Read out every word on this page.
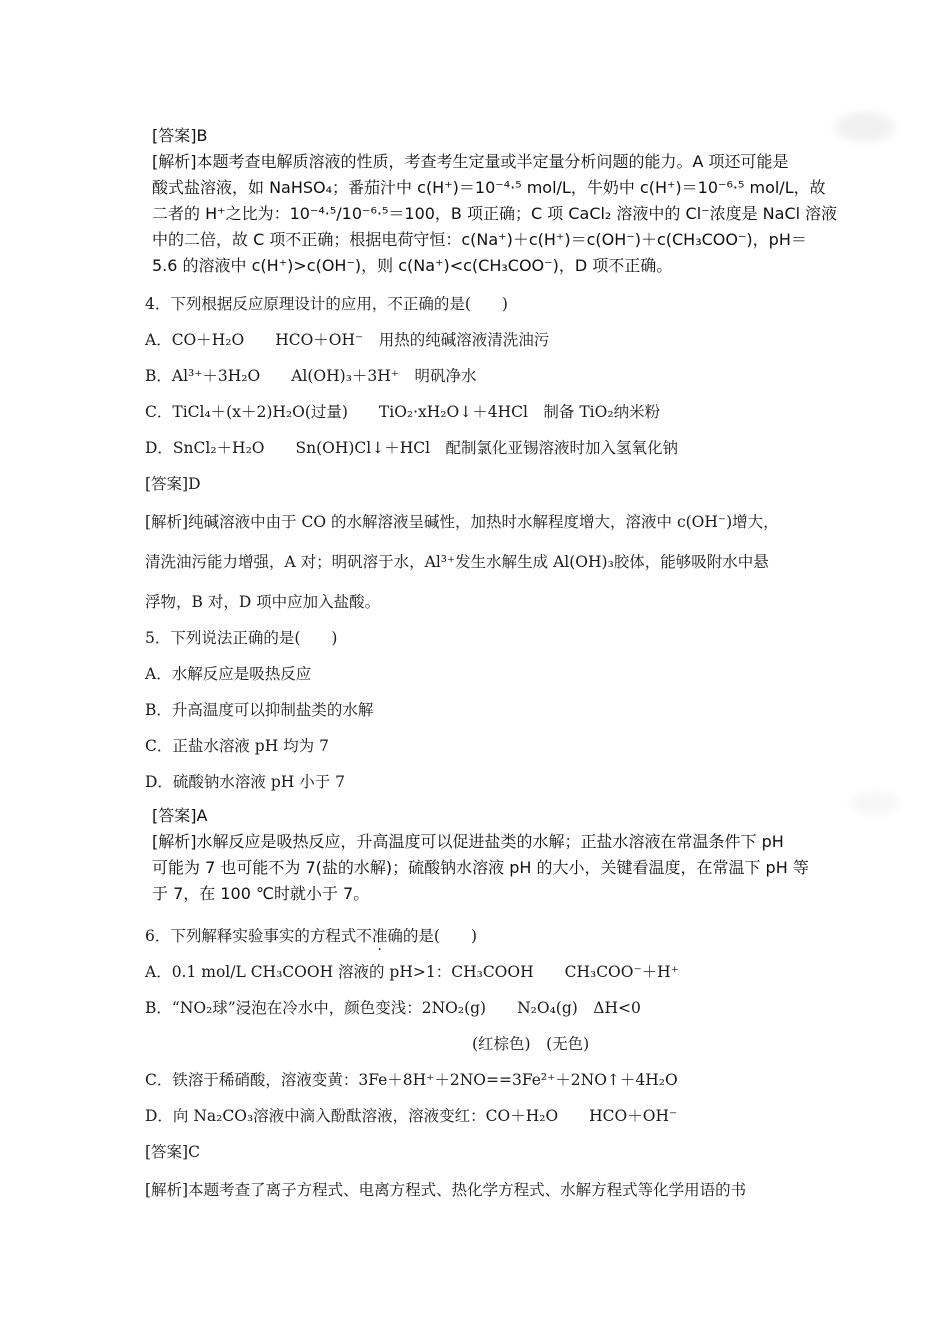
[答案]B
[解析]本题考查电解质溶液的性质，考查考生定量或半定量分析问题的能力。A 项还可能是
酸式盐溶液，如 NaHSO₄；番茄汁中 c(H⁺)＝10⁻⁴·⁵ mol/L，牛奶中 c(H⁺)＝10⁻⁶·⁵ mol/L，故
二者的 H⁺之比为：10⁻⁴·⁵/10⁻⁶·⁵＝100，B 项正确；C 项 CaCl₂ 溶液中的 Cl⁻浓度是 NaCl 溶液
中的二倍，故 C 项不正确；根据电荷守恒：c(Na⁺)＋c(H⁺)＝c(OH⁻)＋c(CH₃COO⁻)，pH＝
5.6 的溶液中 c(H⁺)>c(OH⁻)，则 c(Na⁺)<c(CH₃COO⁻)，D 项不正确。
4．下列根据反应原理设计的应用，不正确的是(　　)
A．CO＋H₂O　　HCO＋OH⁻　用热的纯碱溶液清洗油污
B．Al³⁺＋3H₂O　　Al(OH)₃＋3H⁺　明矾净水
C．TiCl₄＋(x＋2)H₂O(过量)　　TiO₂·xH₂O↓＋4HCl　制备 TiO₂纳米粉
D．SnCl₂＋H₂O　　Sn(OH)Cl↓＋HCl　配制氯化亚锡溶液时加入氢氧化钠
[答案]D
[解析]纯碱溶液中由于 CO 的水解溶液呈碱性，加热时水解程度增大，溶液中 c(OH⁻)增大，
清洗油污能力增强，A 对；明矾溶于水，Al³⁺发生水解生成 Al(OH)₃胶体，能够吸附水中悬
浮物，B 对，D 项中应加入盐酸。
5．下列说法正确的是(　　)
A．水解反应是吸热反应
B．升高温度可以抑制盐类的水解
C．正盐水溶液 pH 均为 7
D．硫酸钠水溶液 pH 小于 7
[答案]A
[解析]水解反应是吸热反应，升高温度可以促进盐类的水解；正盐水溶液在常温条件下 pH
可能为 7 也可能不为 7(盐的水解)；硫酸钠水溶液 pH 的大小，关键看温度，在常温下 pH 等
于 7，在 100 ℃时就小于 7。
6．下列解释实验事实的方程式不准确的是(　　)
A．0.1 mol/L CH₃COOH 溶液的 pH>1：CH₃COOH　　CH₃COO⁻＋H⁺
B．“NO₂球”浸泡在冷水中，颜色变浅：2NO₂(g)　　N₂O₄(g)　ΔH<0
(红棕色)　(无色)
C．铁溶于稀硝酸，溶液变黄：3Fe＋8H⁺＋2NO==3Fe²⁺＋2NO↑＋4H₂O
D．向 Na₂CO₃溶液中滴入酚酞溶液，溶液变红：CO＋H₂O　　HCO＋OH⁻
[答案]C
[解析]本题考查了离子方程式、电离方程式、热化学方程式、水解方程式等化学用语的书
